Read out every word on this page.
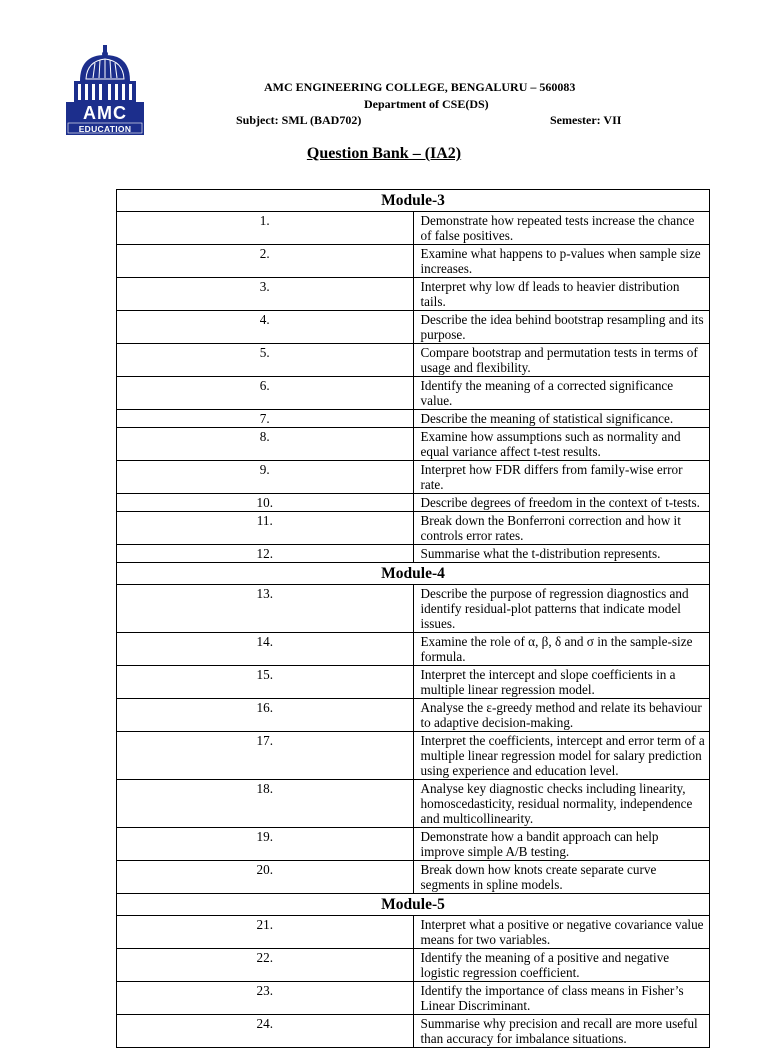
AMC
EDUCATION
AMC ENGINEERING COLLEGE, BENGALURU – 560083
Department of CSE(DS)
Subject: SML (BAD702)	Semester: VII
Question Bank – (IA2)
Module-3	
1.	Demonstrate how repeated tests increase the chance of false positives.
2.	Examine what happens to p-values when sample size increases.
3.	Interpret why low df leads to heavier distribution tails.
4.	Describe the idea behind bootstrap resampling and its purpose.
5.	Compare bootstrap and permutation tests in terms of usage and flexibility.
6.	Identify the meaning of a corrected significance value.
7.	Describe the meaning of statistical significance.
8.	Examine how assumptions such as normality and equal variance affect t-test results.
9.	Interpret how FDR differs from family-wise error rate.
10.	Describe degrees of freedom in the context of t-tests.
11.	Break down the Bonferroni correction and how it controls error rates.
12.	Summarise what the t-distribution represents.
Module-4	
13.	Describe the purpose of regression diagnostics and identify residual-plot patterns that indicate model issues.
14.	Examine the role of α, β, δ and σ in the sample-size formula.
15.	Interpret the intercept and slope coefficients in a multiple linear regression model.
16.	Analyse the ε-greedy method and relate its behaviour to adaptive decision-making.
17.	Interpret the coefficients, intercept and error term of a multiple linear regression model for salary prediction using experience and education level.
18.	Analyse key diagnostic checks including linearity, homoscedasticity, residual normality, independence and multicollinearity.
19.	Demonstrate how a bandit approach can help improve simple A/B testing.
20.	Break down how knots create separate curve segments in spline models.
Module-5	
21.	Interpret what a positive or negative covariance value means for two variables.
22.	Identify the meaning of a positive and negative logistic regression coefficient.
23.	Identify the importance of class means in Fisher’s Linear Discriminant.
24.	Summarise why precision and recall are more useful than accuracy for imbalance situations.
